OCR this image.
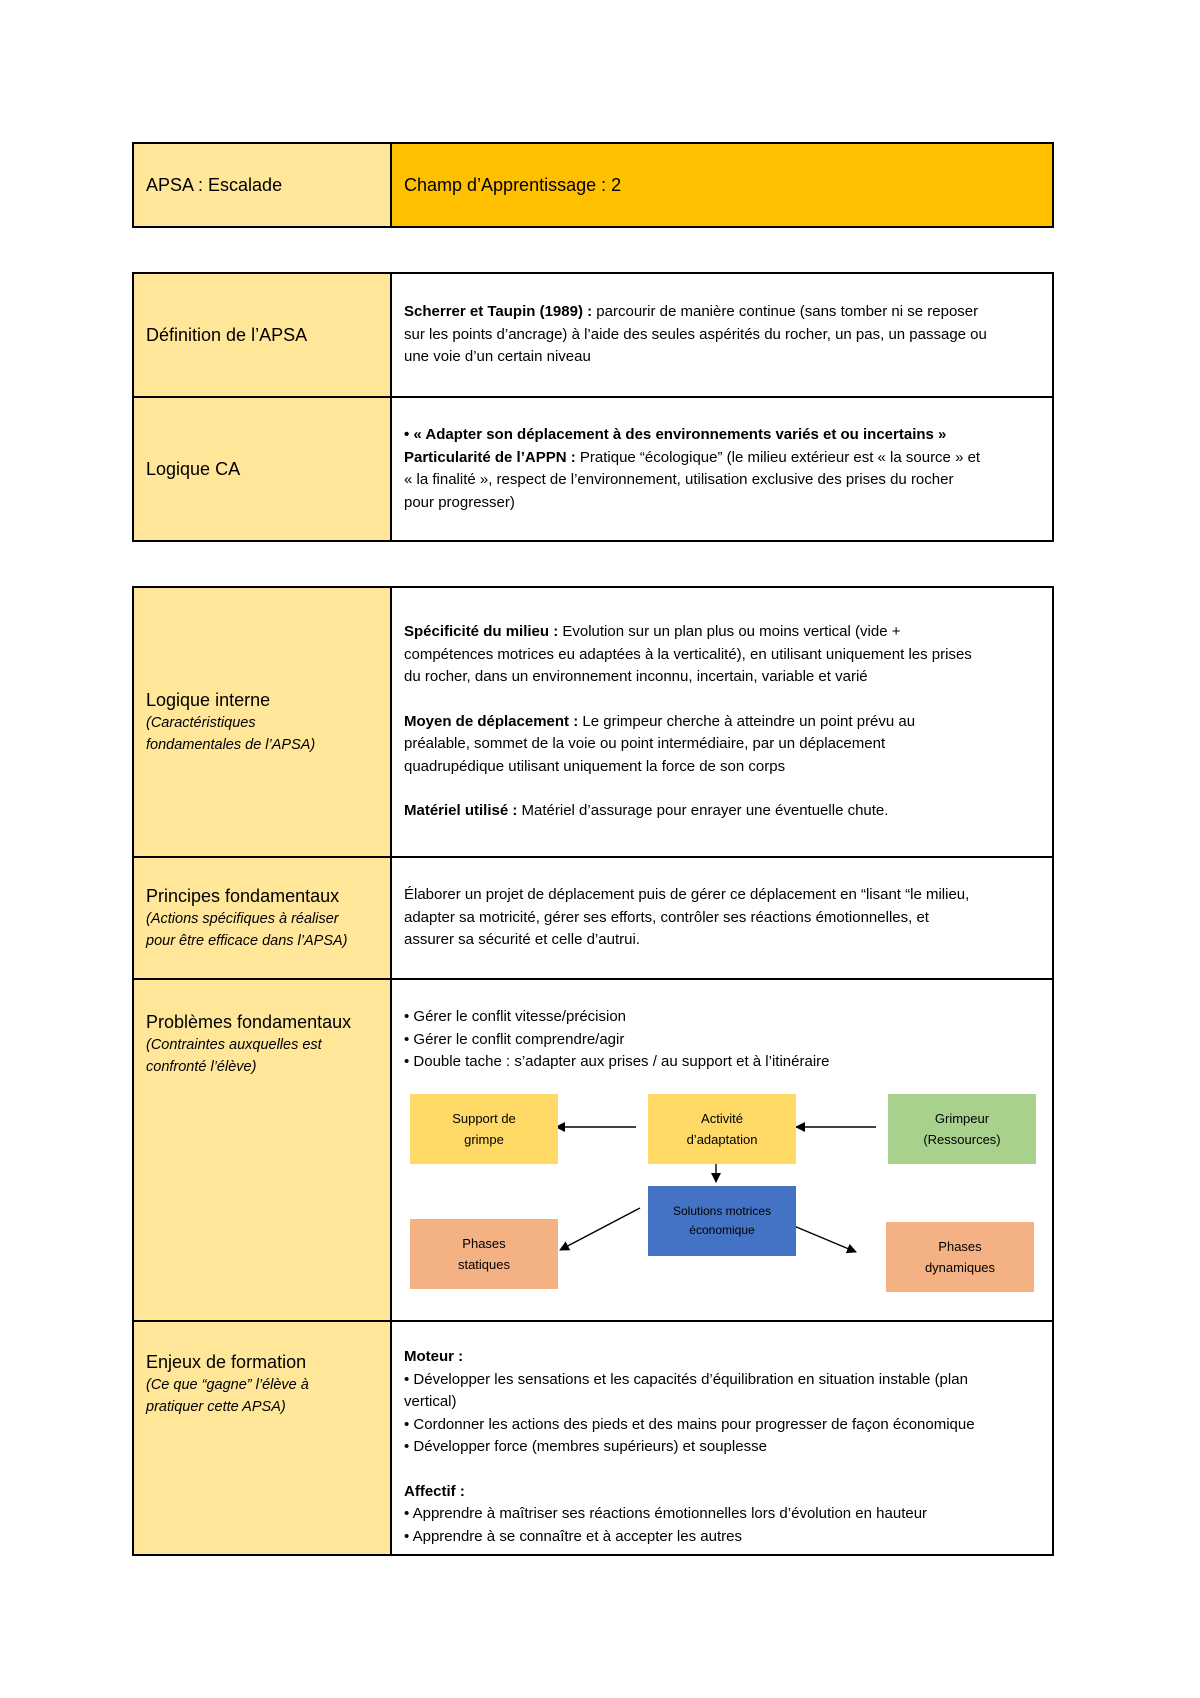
APSA : Escalade	Champ d’Apprentissage : 2
Définition de l’APSA
Scherrer et Taupin (1989) : parcourir de manière continue (sans tomber ni se reposer
sur les points d’ancrage) à l’aide des seules aspérités du rocher, un pas, un passage ou
une voie d’un certain niveau
Logique CA
• « Adapter son déplacement à des environnements variés et ou incertains »
Particularité de l’APPN : Pratique “écologique” (le milieu extérieur est « la source » et
« la finalité », respect de l’environnement, utilisation exclusive des prises du rocher
pour progresser)
Logique interne
(Caractéristiques
fondamentales de l’APSA)
Spécificité du milieu : Evolution sur un plan plus ou moins vertical (vide +
compétences motrices eu adaptées à la verticalité), en utilisant uniquement les prises
du rocher, dans un environnement inconnu, incertain, variable et varié
Moyen de déplacement : Le grimpeur cherche à atteindre un point prévu au
préalable, sommet de la voie ou point intermédiaire, par un déplacement
quadrupédique utilisant uniquement la force de son corps
Matériel utilisé : Matériel d’assurage pour enrayer une éventuelle chute.
Principes fondamentaux
(Actions spécifiques à réaliser
pour être efficace dans l’APSA)
Élaborer un projet de déplacement puis de gérer ce déplacement en “lisant “le milieu,
adapter sa motricité, gérer ses efforts, contrôler ses réactions émotionnelles, et
assurer sa sécurité et celle d’autrui.
Problèmes fondamentaux
(Contraintes auxquelles est
confronté l’élève)
• Gérer le conflit vitesse/précision
• Gérer le conflit comprendre/agir
• Double tache : s’adapter aux prises / au support et à l’itinéraire
Support de
grimpe
Activité
d’adaptation
Grimpeur
(Ressources)
Solutions motrices
économique
Phases
statiques
Phases
dynamiques
Enjeux de formation
(Ce que “gagne” l’élève à
pratiquer cette APSA)
Moteur :
• Développer les sensations et les capacités d’équilibration en situation instable (plan
vertical)
• Cordonner les actions des pieds et des mains pour progresser de façon économique
• Développer force (membres supérieurs) et souplesse
Affectif :
• Apprendre à maîtriser ses réactions émotionnelles lors d’évolution en hauteur
• Apprendre à se connaître et à accepter les autres
